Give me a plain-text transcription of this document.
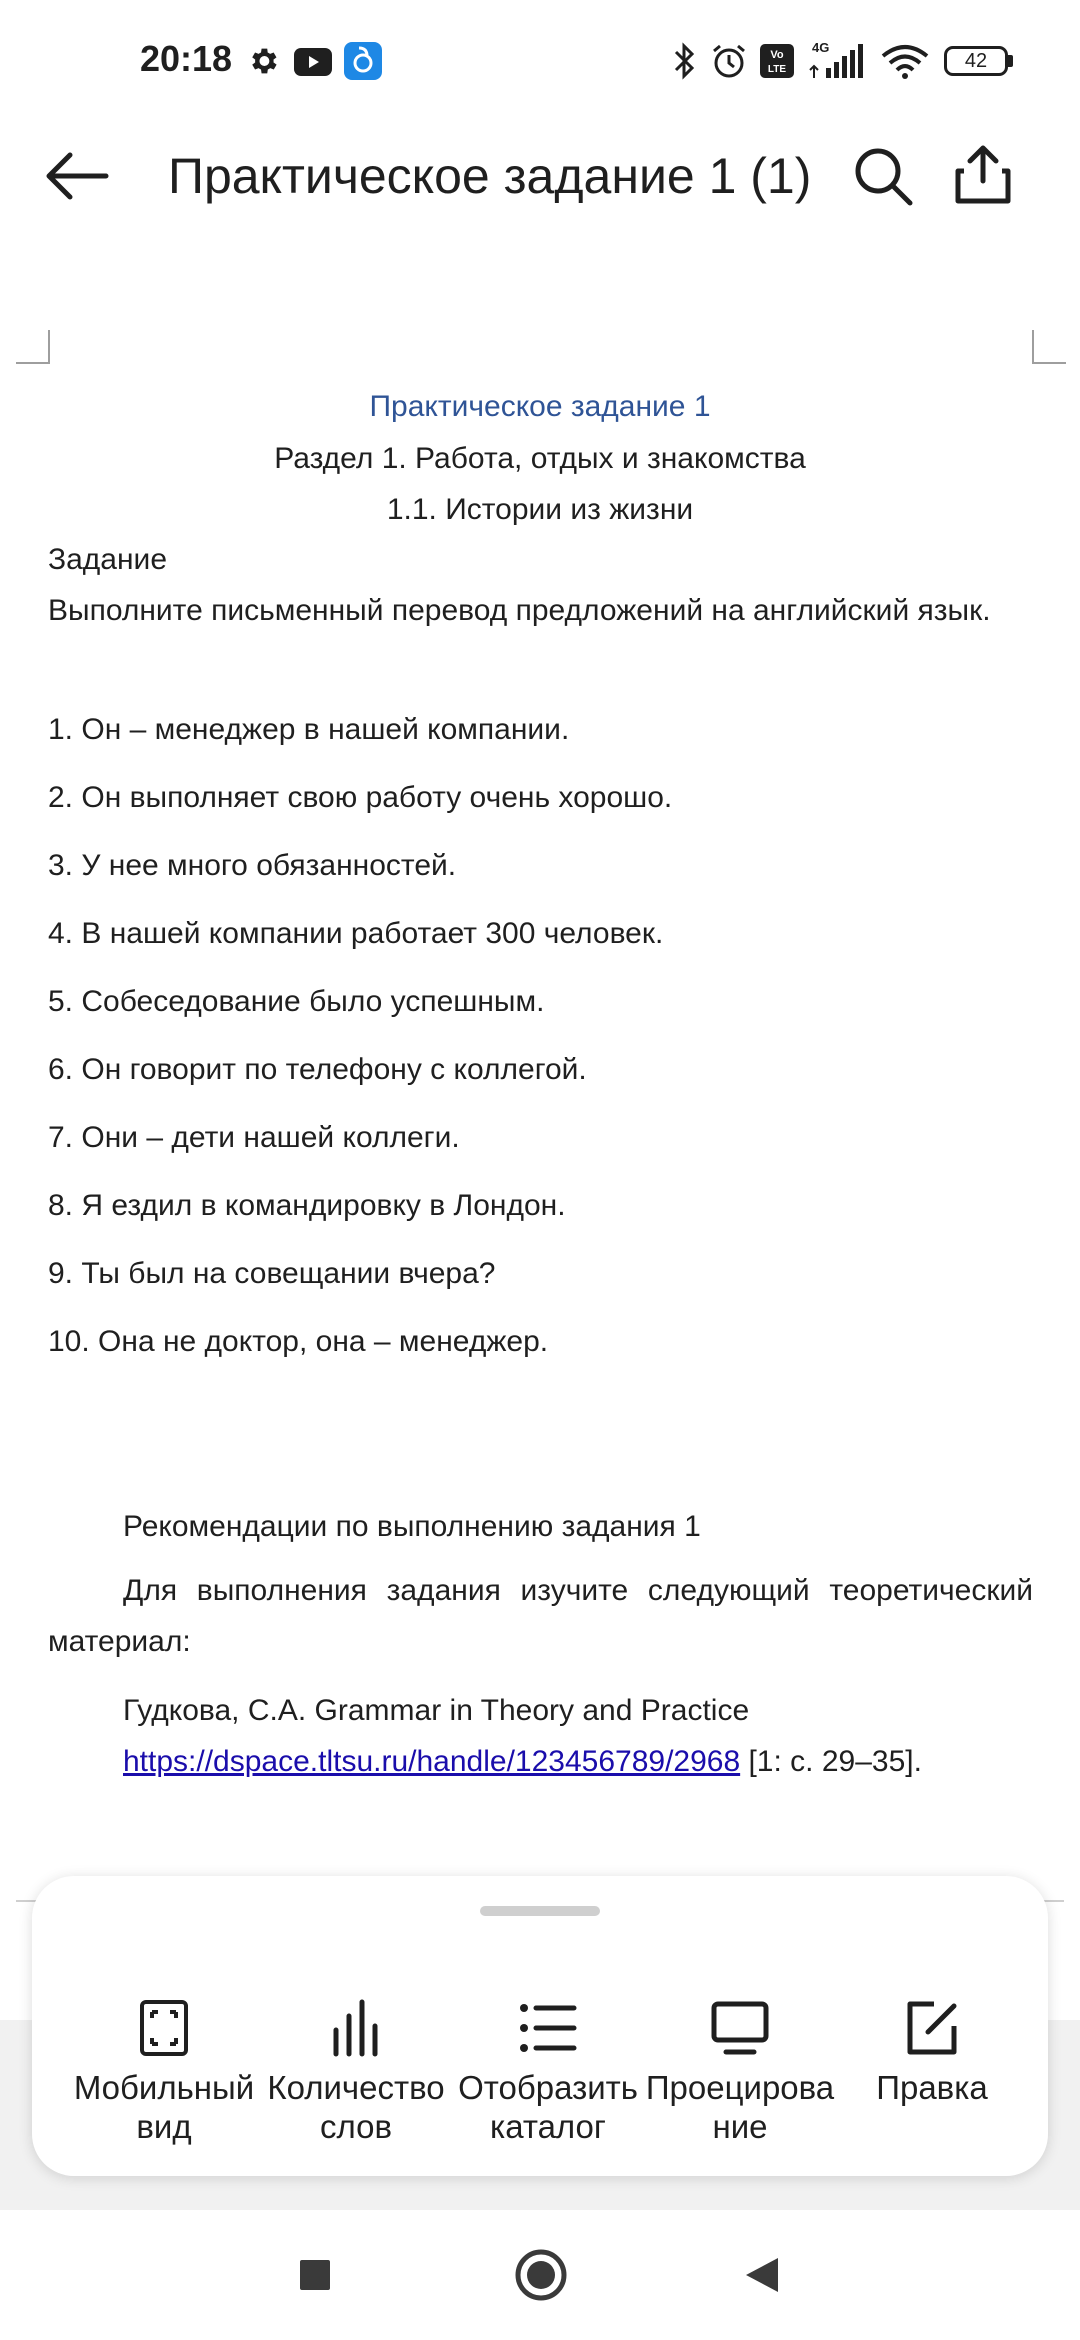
20:18	Vo
LTE
4G
42
Практическое задание 1 (1)
Практическое задание 1
Раздел 1. Работа, отдых и знакомства
1.1. Истории из жизни
Задание
Выполните письменный перевод предложений на английский язык.
1. Он – менеджер в нашей компании.
2. Он выполняет свою работу очень хорошо.
3. У нее много обязанностей.
4. В нашей компании работает 300 человек.
5. Собеседование было успешным.
6. Он говорит по телефону с коллегой.
7. Они – дети нашей коллеги.
8. Я ездил в командировку в Лондон.
9. Ты был на совещании вчера?
10. Она не доктор, она – менеджер.
Рекомендации по выполнению задания 1
Для выполнения задания изучите следующий теоретический
материал:
Гудкова, С.А. Grammar in Theory and Practice
https://dspace.tltsu.ru/handle/123456789/2968 [1: с. 29–35].
Мобильный
вид
Количество
слов
Отобразить
каталог
Проецирова
ние
Правка
